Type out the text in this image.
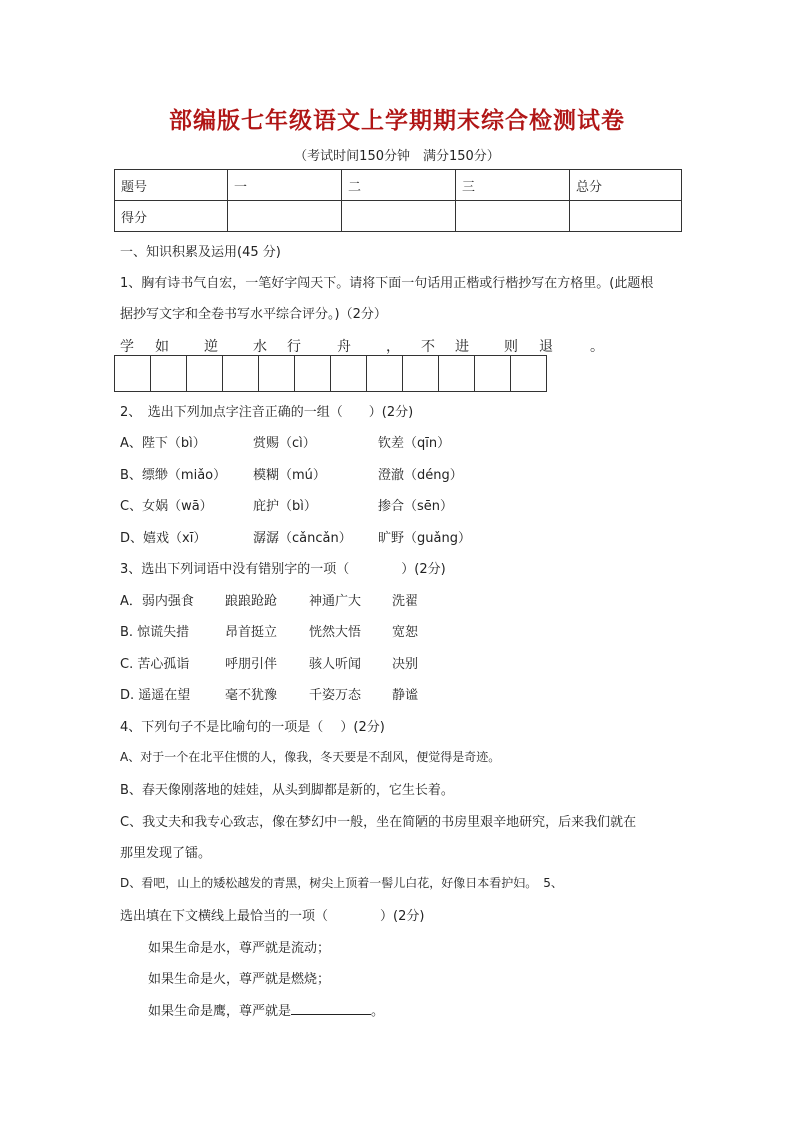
部编版七年级语文上学期期末综合检测试卷
（考试时间150分钟　满分150分）
题号	一	二	三	总分
得分				
一、知识积累及运用(45 分)
1、胸有诗书气自宏，一笔好字闯天下。请将下面一句话用正楷或行楷抄写在方格里。(此题根
据抄写文字和全卷书写水平综合评分。)（2分）
学 如	逆	水 行	舟	， 不 进	则 退	。
2、　选出下列加点字注音正确的一组（　　）(2分)
A、陛下（bì）	赏赐（cì）	钦差（qīn）
B、缥缈（miǎo） 模糊（mú）	澄澈（déng）
C、女娲（wā）	庇护（bì）	掺合（sēn）
D、嬉戏（xī）	潺潺（cǎncǎn） 旷野（guǎng）
3、选出下列词语中没有错别字的一项（　　　　）(2分)
A．弱内强食 踉踉跄跄 神通广大 洗翟
B. 惊谎失措	昂首挺立 恍然大悟 宽恕
C. 苦心孤诣	呼朋引伴 骇人听闻 决别
D. 遥遥在望	毫不犹豫 千姿万态 静谧
4、下列句子不是比喻句的一项是（　 ）(2分)
A、对于一个在北平住惯的人，像我，冬天要是不刮风，便觉得是奇迹。
B、春天像刚落地的娃娃，从头到脚都是新的，它生长着。
C、我丈夫和我专心致志，像在梦幻中一般，坐在简陋的书房里艰辛地研究，后来我们就在
那里发现了镭。
D、看吧，山上的矮松越发的青黑，树尖上顶着一髻儿白花，好像日本看护妇。　5、
选出填在下文横线上最恰当的一项（　　　　）(2分)
如果生命是水，尊严就是流动；
如果生命是火，尊严就是燃烧；
如果生命是鹰，尊严就是	。
